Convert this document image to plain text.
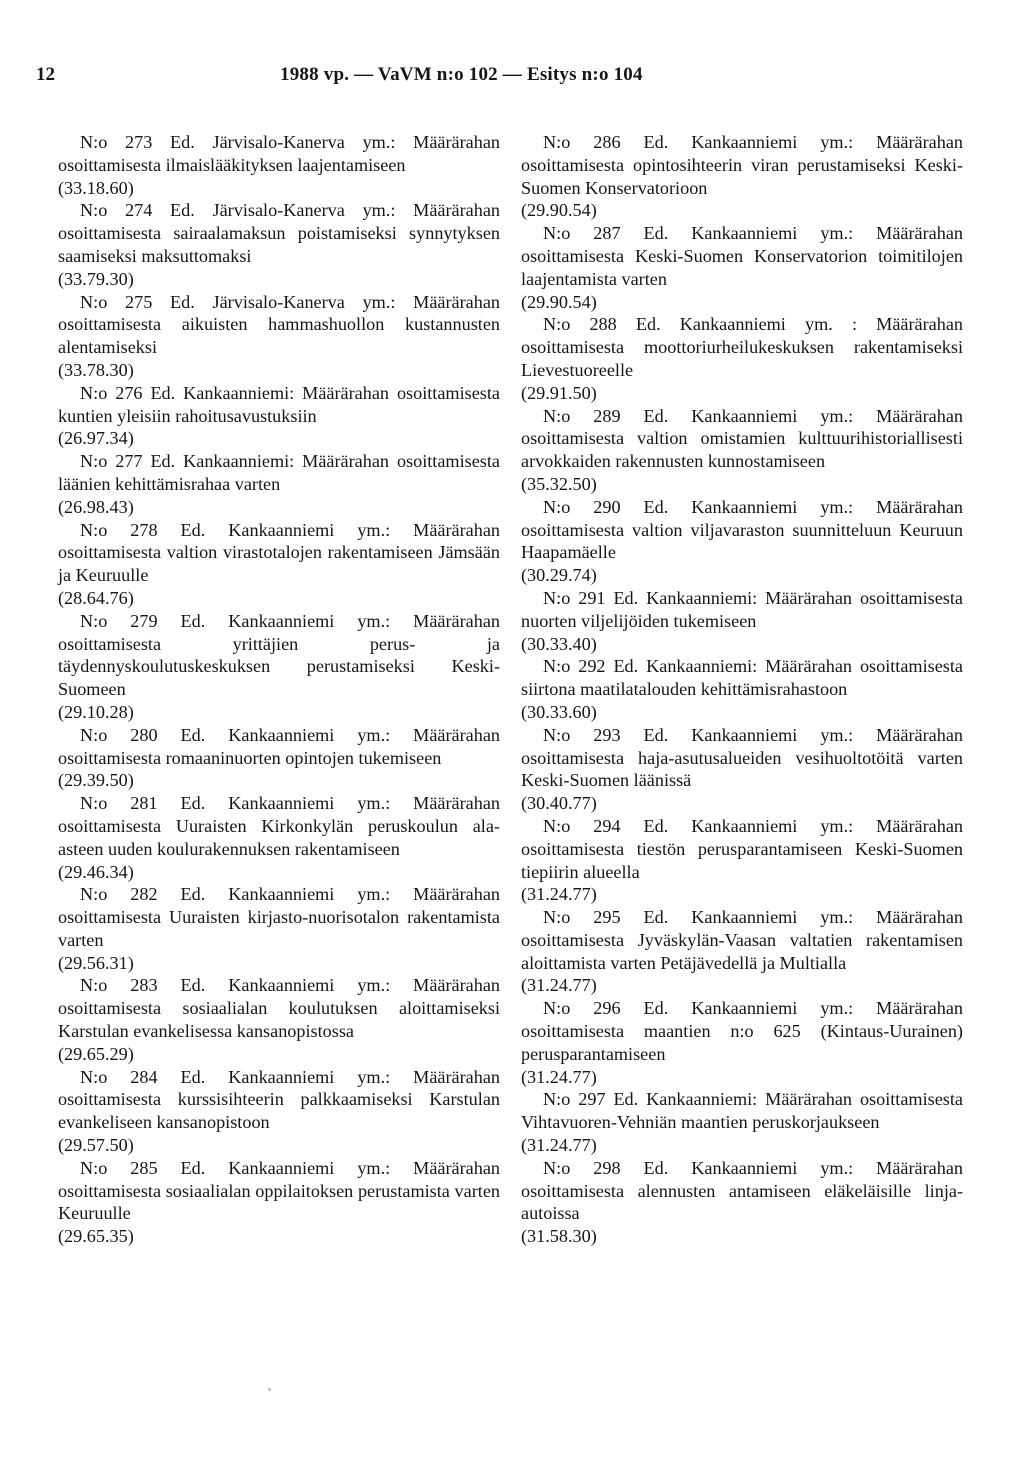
12	1988 vp. — VaVM n:o 102 — Esitys n:o 104
N:o 273 Ed. Järvisalo-Kanerva ym.: Määrärahan osoittamisesta ilmaislääkityksen laajentamiseen
(33.18.60)
N:o 274 Ed. Järvisalo-Kanerva ym.: Määrärahan osoittamisesta sairaalamaksun poistamiseksi synnytyksen saamiseksi maksuttomaksi
(33.79.30)
N:o 275 Ed. Järvisalo-Kanerva ym.: Määrärahan osoittamisesta aikuisten hammashuollon kustannusten alentamiseksi
(33.78.30)
N:o 276 Ed. Kankaanniemi: Määrärahan osoittamisesta kuntien yleisiin rahoitusavustuksiin
(26.97.34)
N:o 277 Ed. Kankaanniemi: Määrärahan osoittamisesta läänien kehittämisrahaa varten
(26.98.43)
N:o 278 Ed. Kankaanniemi ym.: Määrärahan osoittamisesta valtion virastotalojen rakentamiseen Jämsään ja Keuruulle
(28.64.76)
N:o 279 Ed. Kankaanniemi ym.: Määrärahan osoittamisesta yrittäjien perus- ja täydennyskoulutuskeskuksen perustamiseksi Keski-Suomeen
(29.10.28)
N:o 280 Ed. Kankaanniemi ym.: Määrärahan osoittamisesta romaaninuorten opintojen tukemiseen
(29.39.50)
N:o 281 Ed. Kankaanniemi ym.: Määrärahan osoittamisesta Uuraisten Kirkonkylän peruskoulun ala-asteen uuden koulurakennuksen rakentamiseen
(29.46.34)
N:o 282 Ed. Kankaanniemi ym.: Määrärahan osoittamisesta Uuraisten kirjasto-nuorisotalon rakentamista varten
(29.56.31)
N:o 283 Ed. Kankaanniemi ym.: Määrärahan osoittamisesta sosiaalialan koulutuksen aloittamiseksi Karstulan evankelisessa kansanopistossa
(29.65.29)
N:o 284 Ed. Kankaanniemi ym.: Määrärahan osoittamisesta kurssisihteerin palkkaamiseksi Karstulan evankeliseen kansanopistoon
(29.57.50)
N:o 285 Ed. Kankaanniemi ym.: Määrärahan osoittamisesta sosiaalialan oppilaitoksen perustamista varten Keuruulle
(29.65.35)
N:o 286 Ed. Kankaanniemi ym.: Määrärahan osoittamisesta opintosihteerin viran perustamiseksi Keski-Suomen Konservatorioon
(29.90.54)
N:o 287 Ed. Kankaanniemi ym.: Määrärahan osoittamisesta Keski-Suomen Konservatorion toimitilojen laajentamista varten
(29.90.54)
N:o 288 Ed. Kankaanniemi ym. : Määrärahan osoittamisesta moottoriurheilukeskuksen rakentamiseksi Lievestuoreelle
(29.91.50)
N:o 289 Ed. Kankaanniemi ym.: Määrärahan osoittamisesta valtion omistamien kulttuurihistoriallisesti arvokkaiden rakennusten kunnostamiseen
(35.32.50)
N:o 290 Ed. Kankaanniemi ym.: Määrärahan osoittamisesta valtion viljavaraston suunnitteluun Keuruun Haapamäelle
(30.29.74)
N:o 291 Ed. Kankaanniemi: Määrärahan osoittamisesta nuorten viljelijöiden tukemiseen
(30.33.40)
N:o 292 Ed. Kankaanniemi: Määrärahan osoittamisesta siirtona maatilatalouden kehittämisrahastoon
(30.33.60)
N:o 293 Ed. Kankaanniemi ym.: Määrärahan osoittamisesta haja-asutusalueiden vesihuoltotöitä varten Keski-Suomen läänissä
(30.40.77)
N:o 294 Ed. Kankaanniemi ym.: Määrärahan osoittamisesta tiestön perusparantamiseen Keski-Suomen tiepiirin alueella
(31.24.77)
N:o 295 Ed. Kankaanniemi ym.: Määrärahan osoittamisesta Jyväskylän-Vaasan valtatien rakentamisen aloittamista varten Petäjävedellä ja Multialla
(31.24.77)
N:o 296 Ed. Kankaanniemi ym.: Määrärahan osoittamisesta maantien n:o 625 (Kintaus-Uurainen) perusparantamiseen
(31.24.77)
N:o 297 Ed. Kankaanniemi: Määrärahan osoittamisesta Vihtavuoren-Vehniän maantien peruskorjaukseen
(31.24.77)
N:o 298 Ed. Kankaanniemi ym.: Määrärahan osoittamisesta alennusten antamiseen eläkeläisille linja-autoissa
(31.58.30)
